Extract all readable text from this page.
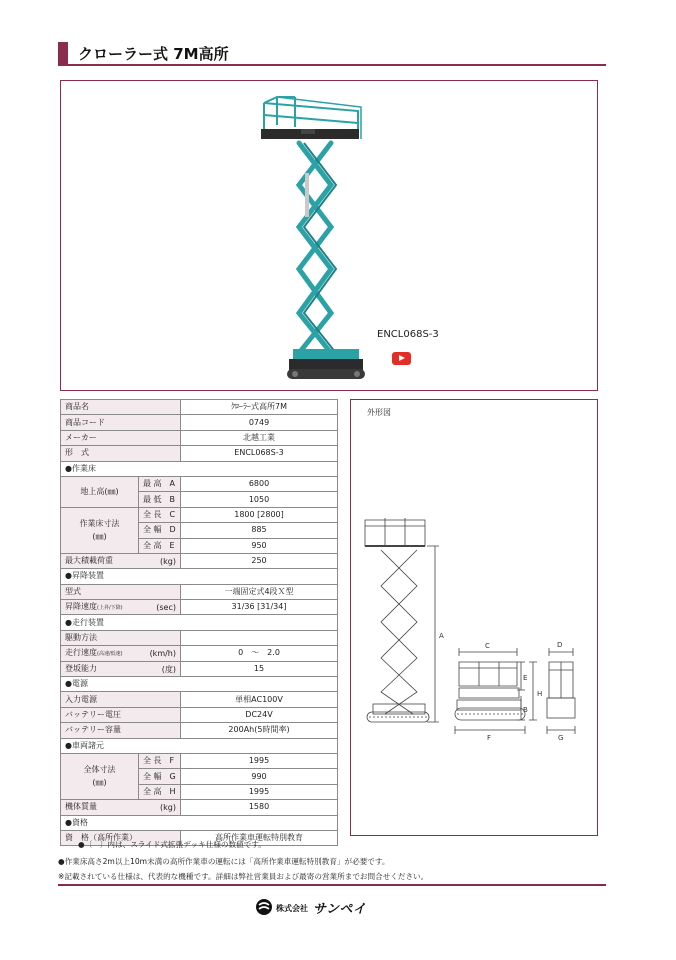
クローラー式 7M高所
ENCL068S-3
商品名		ｸﾛｰﾗｰ式高所7M
商品コード		0749
メーカー		北越工業
形　式		ENCL068S-3
●作業床		
地上高(㎜)	最 高　A	6800
	最 低　B	1050

作業床寸法
(㎜)	全 長　C	1800 [2800]
	全 幅　D	885
	全 高　E	950
最大積載荷重 (kg)		250
●昇降装置		
型式		一端固定式4段Ｘ型
昇降速度(上昇/下降) (sec)		31/36 [31/34]
●走行装置		
駆動方法		
走行速度(高速/低速) (km/h)		0　～　2.0
登坂能力 (度)		15
●電源		
入力電源		単相AC100V
バッテリー電圧		DC24V
バッテリー容量		200Ah(5時間率)
●車両諸元		

全体寸法
(㎜)	全 長　F	1995
	全 幅　G	990
	全 高　H	1995
機体質量 (kg)		1580
●資格		
資　格（高所作業）		高所作業車運転特別教育
外形図
A
C	D
E
H
B
F	G
●〔　〕内は、スライド式拡張デッキ仕様の数値です。
●作業床高さ2m以上10m未満の高所作業車の運転には「高所作業車運転特別教育」が必要です。
※記載されている仕様は、代表的な機種です。詳細は弊社営業員および最寄の営業所までお問合せください。
株式会社 サンペイ
